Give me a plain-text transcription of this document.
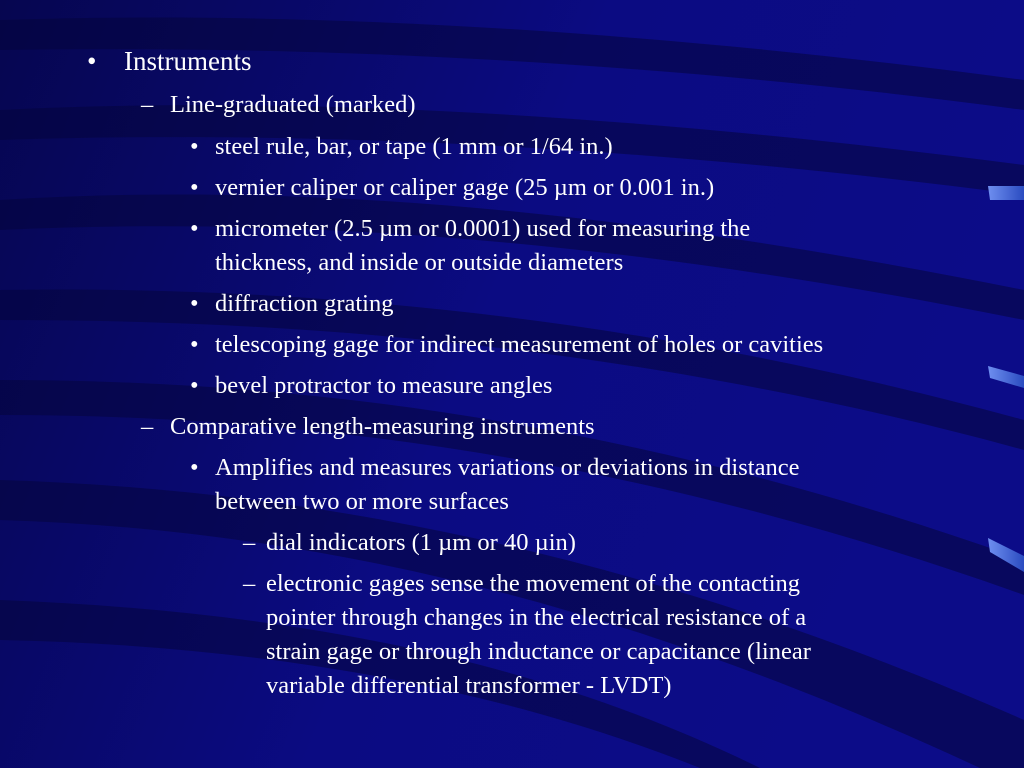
• Instruments
– Line-graduated (marked)
• steel rule, bar, or tape (1 mm or 1/64 in.)
• vernier caliper or caliper gage (25 µm or 0.001 in.)
• micrometer (2.5 µm or 0.0001) used for measuring the
thickness, and inside or outside diameters
• diffraction grating
• telescoping gage for indirect measurement of holes or cavities
• bevel protractor to measure angles
– Comparative length-measuring instruments
• Amplifies and measures variations or deviations in distance
between two or more surfaces
– dial indicators (1 µm or 40 µin)
– electronic gages sense the movement of the contacting
pointer through changes in the electrical resistance of a
strain gage or through inductance or capacitance (linear
variable differential transformer - LVDT)
